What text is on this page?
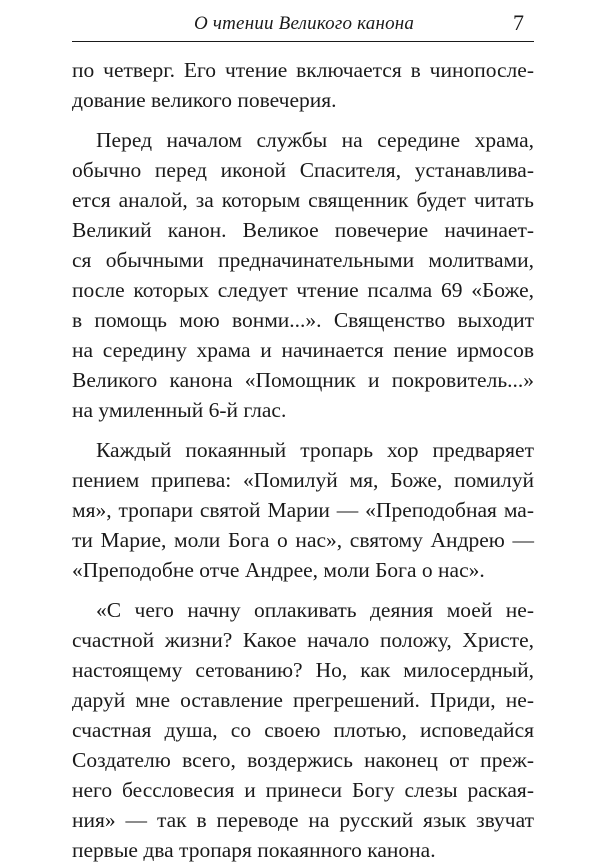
О чтении Великого канона	7
по четверг. Его чтение включается в чинопосле-
дование великого повечерия.
Перед началом службы на середине храма,
обычно перед иконой Спасителя, устанавлива-
ется аналой, за которым священник будет читать
Великий канон. Великое повечерие начинает-
ся обычными предначинательными молитвами,
после которых следует чтение псалма 69 «Боже,
в помощь мою вонми...». Священство выходит
на середину храма и начинается пение ирмосов
Великого канона «Помощник и покровитель...»
на умиленный 6-й глас.
Каждый покаянный тропарь хор предваряет
пением припева: «Помилуй мя, Боже, помилуй
мя», тропари святой Марии — «Преподобная ма-
ти Марие, моли Бога о нас», святому Андрею —
«Преподобне отче Андрее, моли Бога о нас».
«С чего начну оплакивать деяния моей не-
счастной жизни? Какое начало положу, Христе,
настоящему сетованию? Но, как милосердный,
даруй мне оставление прегрешений. Приди, не-
счастная душа, со своею плотью, исповедайся
Создателю всего, воздержись наконец от преж-
него бессловесия и принеси Богу слезы раская-
ния» — так в переводе на русский язык звучат
первые два тропаря покаянного канона.
